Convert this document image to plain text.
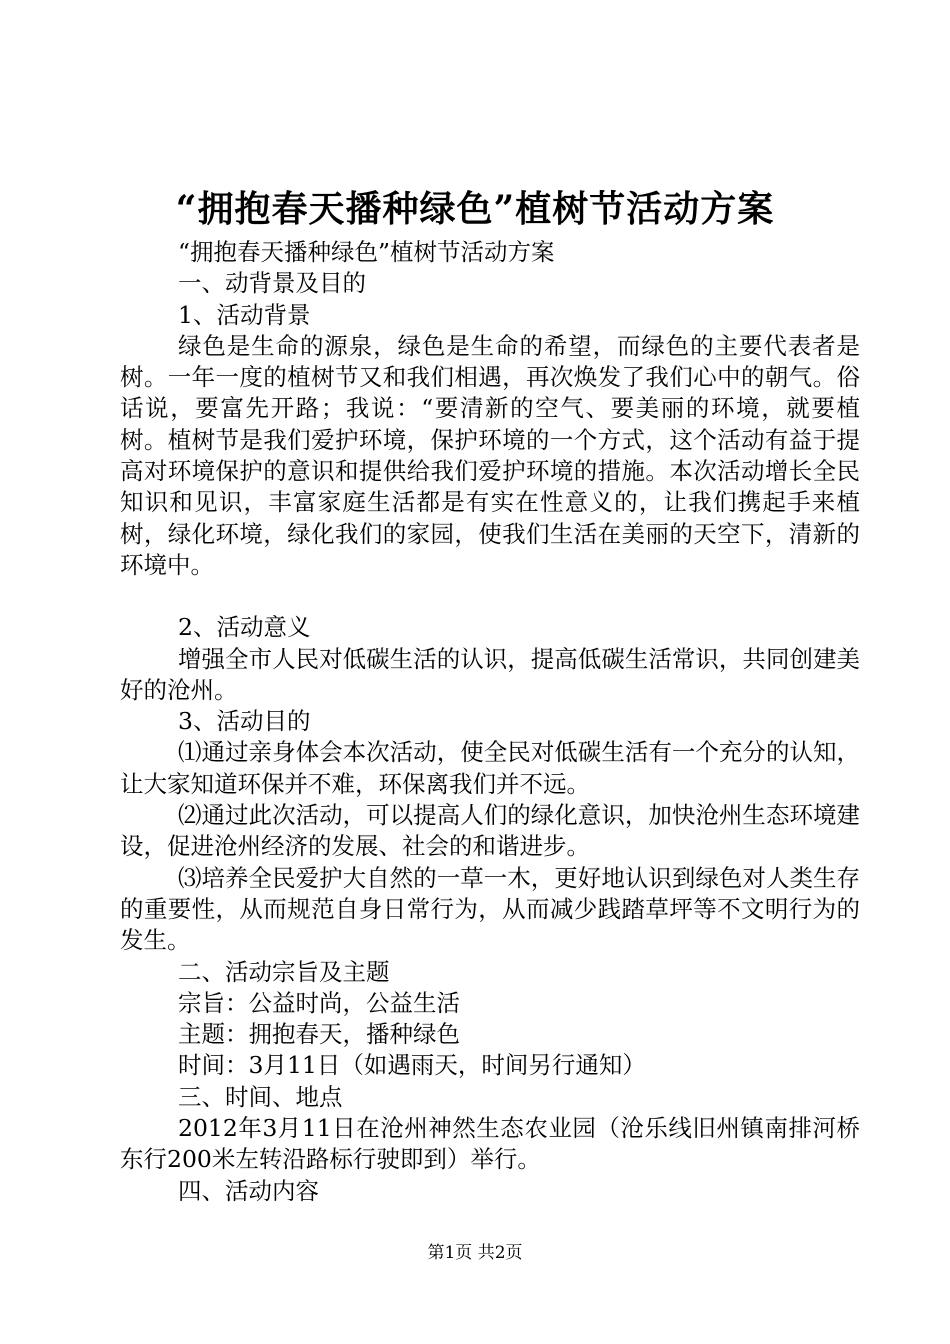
“拥抱春天播种绿色”植树节活动方案

“拥抱春天播种绿色”植树节活动方案

一、动背景及目的

1、活动背景

绿色是生命的源泉，绿色是生命的希望，而绿色的主要代表者是树。一年一度的植树节又和我们相遇，再次焕发了我们心中的朝气。俗话说，要富先开路；我说：“要清新的空气、要美丽的环境，就要植树。植树节是我们爱护环境，保护环境的一个方式，这个活动有益于提高对环境保护的意识和提供给我们爱护环境的措施。本次活动增长全民知识和见识，丰富家庭生活都是有实在性意义的，让我们携起手来植树，绿化环境，绿化我们的家园，使我们生活在美丽的天空下，清新的环境中。

2、活动意义

增强全市人民对低碳生活的认识，提高低碳生活常识，共同创建美好的沧州。

3、活动目的

⑴通过亲身体会本次活动，使全民对低碳生活有一个充分的认知，让大家知道环保并不难，环保离我们并不远。

⑵通过此次活动，可以提高人们的绿化意识，加快沧州生态环境建设，促进沧州经济的发展、社会的和谐进步。

⑶培养全民爱护大自然的一草一木，更好地认识到绿色对人类生存的重要性，从而规范自身日常行为，从而减少践踏草坪等不文明行为的发生。

二、活动宗旨及主题

宗旨：公益时尚，公益生活

主题：拥抱春天，播种绿色

时间：3月11日（如遇雨天，时间另行通知）

三、时间、地点

2012年3月11日在沧州神然生态农业园（沧乐线旧州镇南排河桥东行200米左转沿路标行驶即到）举行。

四、活动内容

第1页 共2页
